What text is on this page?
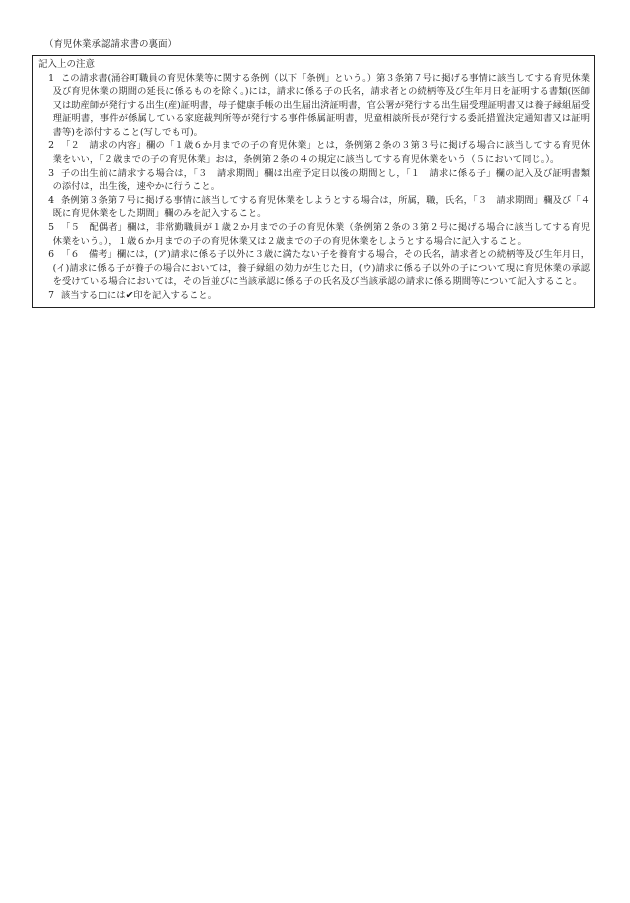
（育児休業承認請求書の裏面）
記入上の注意
1 この請求書(涌谷町職員の育児休業等に関する条例（以下「条例」という。）第３条第７号に掲げる事情に該当してする育児休業及び育児休業の期間の延長に係るものを除く。)には，請求に係る子の氏名，請求者との続柄等及び生年月日を証明する書類(医師又は助産師が発行する出生(産)証明書，母子健康手帳の出生届出済証明書，官公署が発行する出生届受理証明書又は養子縁組届受理証明書，事件が係属している家庭裁判所等が発行する事件係属証明書，児童相談所長が発行する委託措置決定通知書又は証明書等)を添付すること(写しでも可)。
2 「２　請求の内容」欄の「１歳６か月までの子の育児休業」とは，条例第２条の３第３号に掲げる場合に該当してする育児休業をいい，「２歳までの子の育児休業」おは，条例第２条の４の規定に該当してする育児休業をいう（５において同じ。）。
3 子の出生前に請求する場合は，「３　請求期間」欄は出産予定日以後の期間とし，「１　請求に係る子」欄の記入及び証明書類の添付は，出生後，速やかに行うこと。
4 条例第３条第７号に掲げる事情に該当してする育児休業をしようとする場合は，所属，職，氏名，「３　請求期間」欄及び「４　既に育児休業をした期間」欄のみを記入すること。
5 「５　配偶者」欄は，非常勤職員が１歳２か月までの子の育児休業（条例第２条の３第２号に掲げる場合に該当してする育児休業をいう。），１歳６か月までの子の育児休業又は２歳までの子の育児休業をしようとする場合に記入すること。
6 「６　備考」欄には，(ア)請求に係る子以外に３歳に満たない子を養育する場合，その氏名，請求者との続柄等及び生年月日，(イ)請求に係る子が養子の場合においては，養子縁組の効力が生じた日，(ウ)請求に係る子以外の子について現に育児休業の承認を受けている場合においては，その旨並びに当該承認に係る子の氏名及び当該承認の請求に係る期間等について記入すること。
7 該当する□には✔印を記入すること。
